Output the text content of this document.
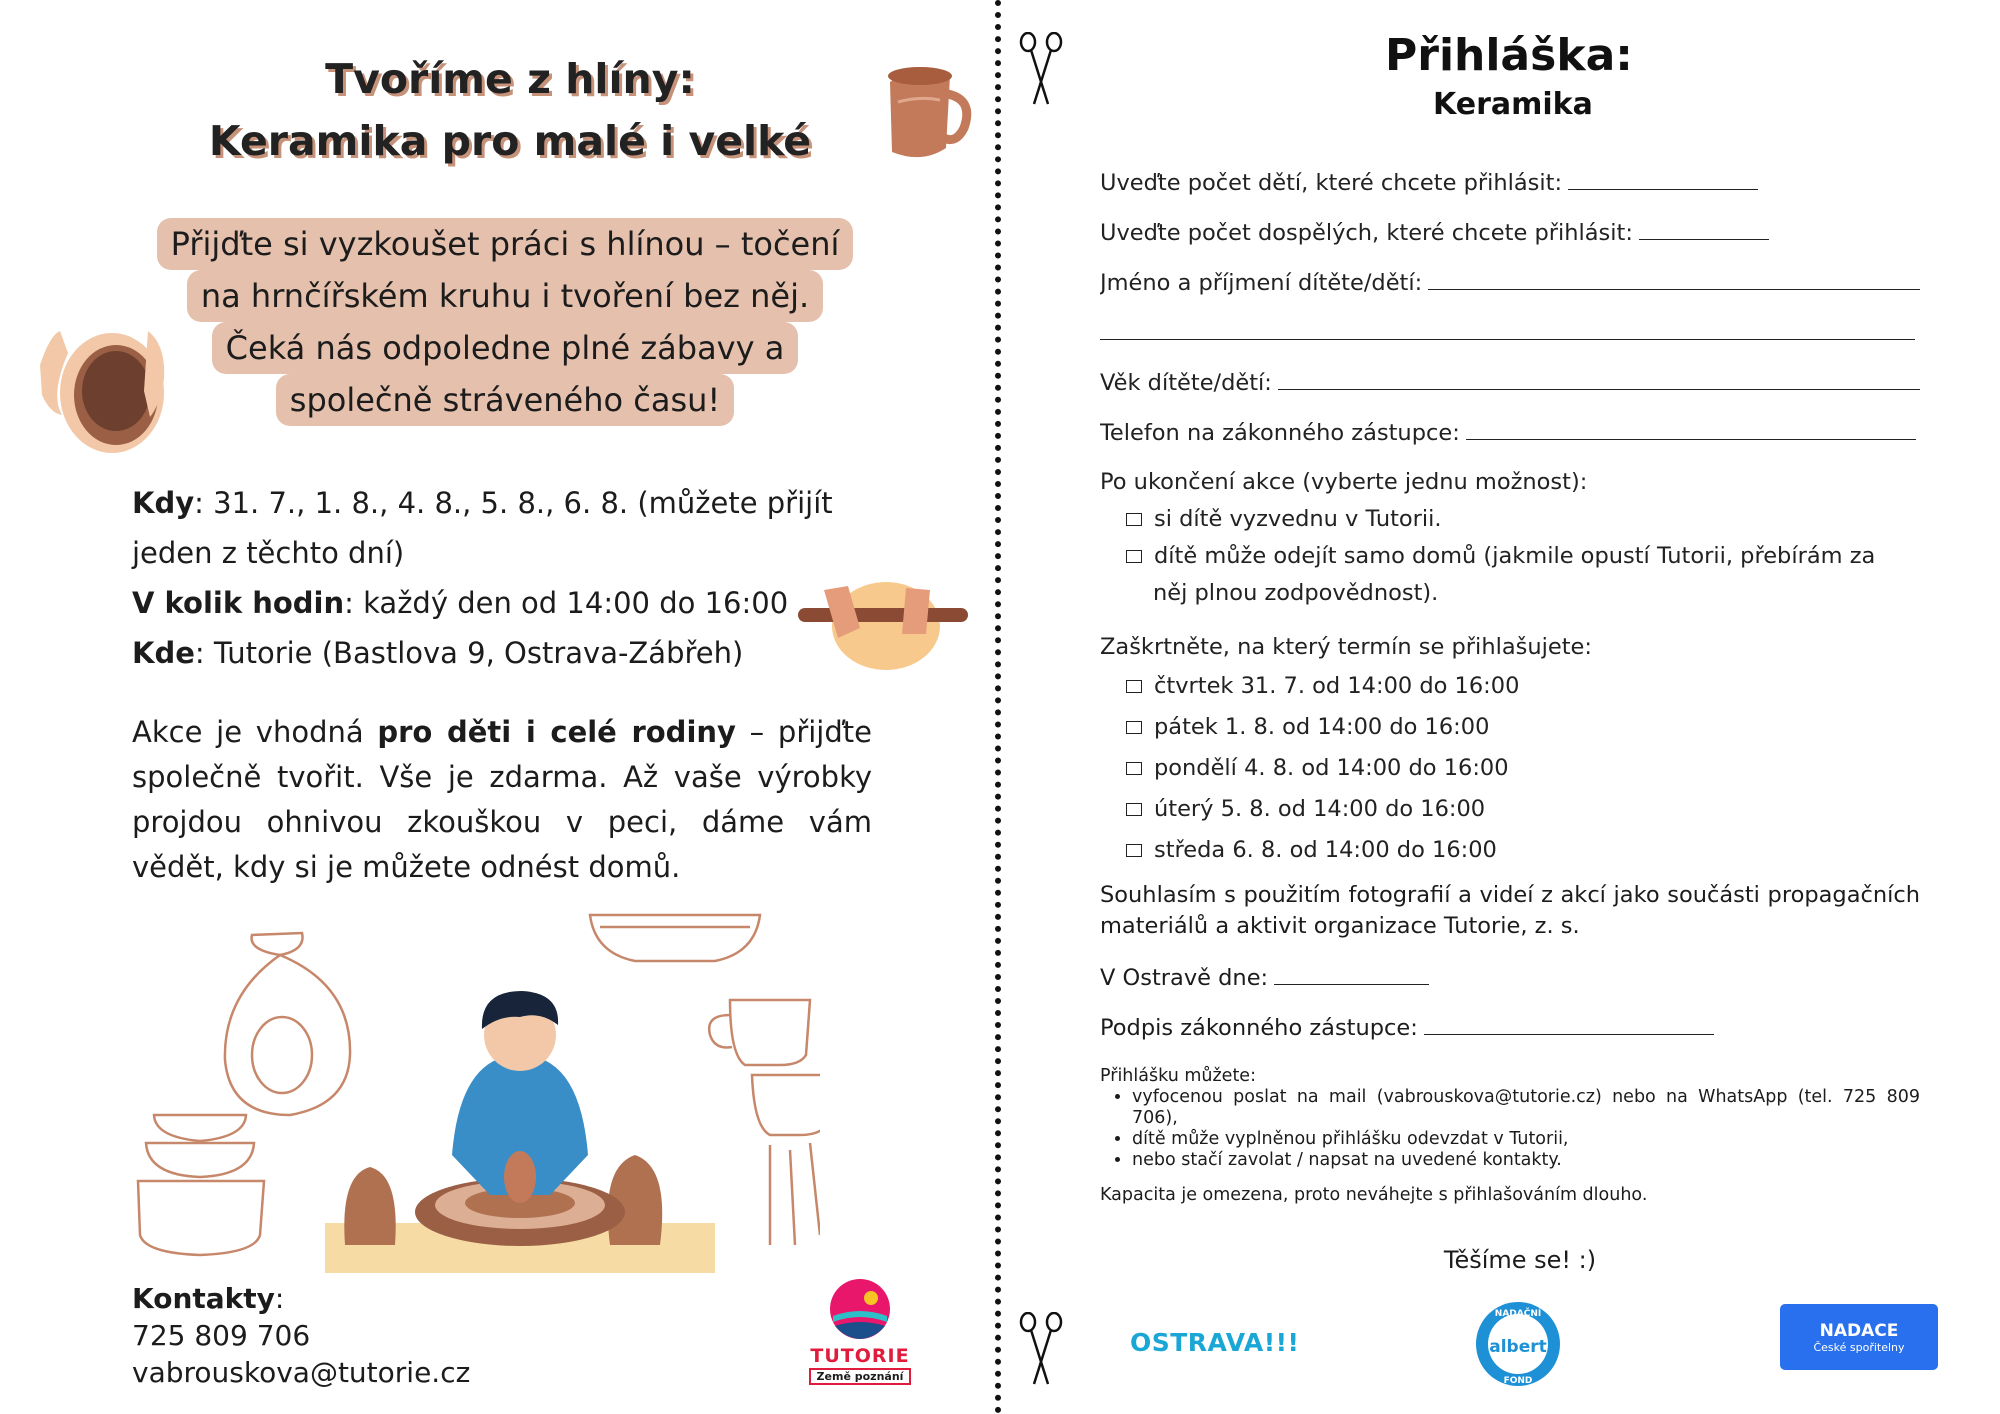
Tvoříme z hlíny:
Keramika pro malé i velké
Přijďte si vyzkoušet práci s hlínou – točení
na hrnčířském kruhu i tvoření bez něj.
Čeká nás odpoledne plné zábavy a
společně stráveného času!
Kdy: 31. 7., 1. 8., 4. 8., 5. 8., 6. 8. (můžete přijít jeden z těchto dní)
V kolik hodin: každý den od 14:00 do 16:00
Kde: Tutorie (Bastlova 9, Ostrava-Zábřeh)
Akce je vhodná pro děti i celé rodiny – přijďte společně tvořit. Vše je zdarma. Až vaše výrobky projdou ohnivou zkouškou v peci, dáme vám vědět, kdy si je můžete odnést domů.
Kontakty:
725 809 706
vabrouskova@tutorie.cz	TUTORIE
Země poznání
Přihláška:
Keramika
Uveďte počet dětí, které chcete přihlásit:
Uveďte počet dospělých, které chcete přihlásit:
Jméno a příjmení dítěte/dětí:
Věk dítěte/dětí:
Telefon na zákonného zástupce:
Po ukončení akce (vyberte jednu možnost):
si dítě vyzvednu v Tutorii.
dítě může odejít samo domů (jakmile opustí Tutorii, přebírám za
něj plnou zodpovědnost).
Zaškrtněte, na který termín se přihlašujete:
čtvrtek 31. 7. od 14:00 do 16:00
pátek 1. 8. od 14:00 do 16:00
pondělí 4. 8. od 14:00 do 16:00
úterý 5. 8. od 14:00 do 16:00
středa 6. 8. od 14:00 do 16:00
Souhlasím s použitím fotografií a videí z akcí jako součásti propagačních materiálů a aktivit organizace Tutorie, z. s.
V Ostravě dne:
Podpis zákonného zástupce:
Přihlášku můžete:
• vyfocenou poslat na mail (vabrouskova@tutorie.cz) nebo na WhatsApp (tel. 725 809 706),
• dítě může vyplněnou přihlášku odevzdat v Tutorii,
• nebo stačí zavolat / napsat na uvedené kontakty.
Kapacita je omezena, proto neváhejte s přihlašováním dlouho.
Těšíme se! :)
OSTRAVA!!!
NADAČNÍ
albert
FOND
NADACE
České spořitelny
